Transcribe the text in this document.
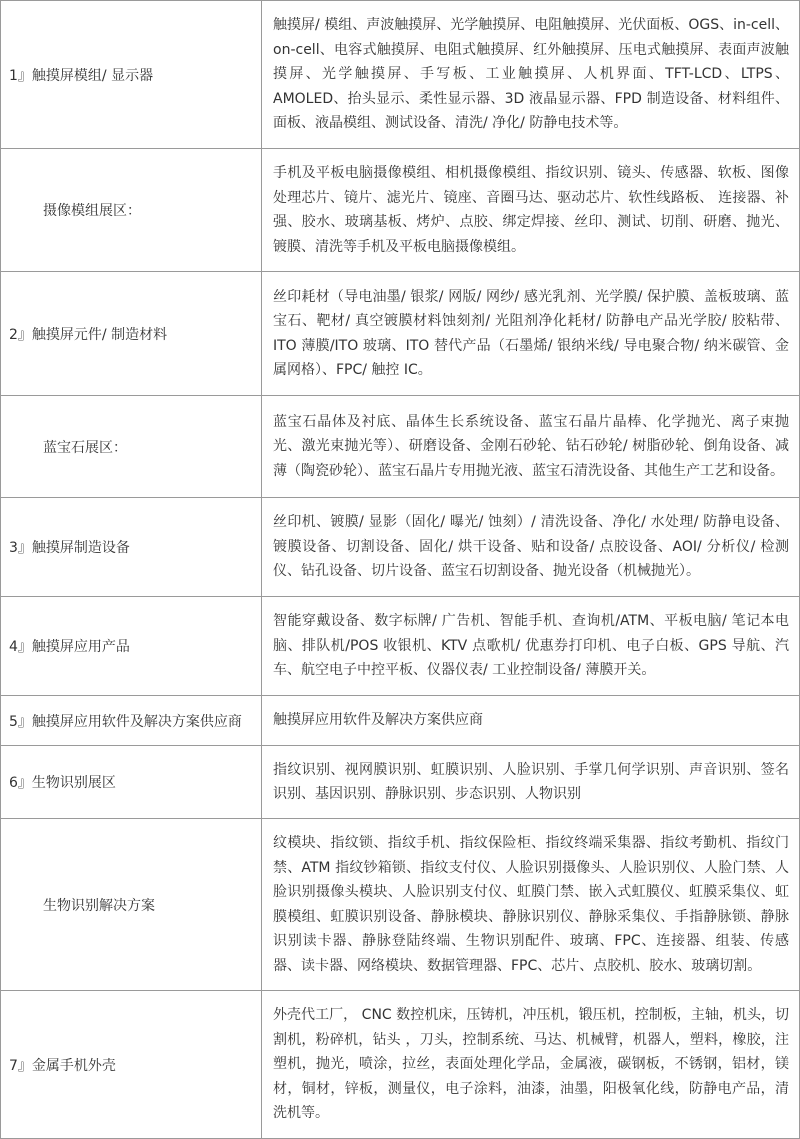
1』触摸屏模组/ 显示器	触摸屏/ 模组、声波触摸屏、光学触摸屏、电阻触摸屏、光伏面板、OGS、in-cell、on-cell、电容式触摸屏、电阻式触摸屏、红外触摸屏、压电式触摸屏、表面声波触摸屏、光学触摸屏、手写板、工业触摸屏、人机界面、TFT-LCD、LTPS、AMOLED、抬头显示、柔性显示器、3D 液晶显示器、FPD 制造设备、材料组件、面板、液晶模组、测试设备、清洗/ 净化/ 防静电技术等。
摄像模组展区：	手机及平板电脑摄像模组、相机摄像模组、指纹识别、镜头、传感器、软板、图像处理芯片、镜片、滤光片、镜座、音圈马达、驱动芯片、软性线路板、 连接器、补强、胶水、玻璃基板、烤炉、点胶、绑定焊接、丝印、测试、切削、研磨、抛光、镀膜、清洗等手机及平板电脑摄像模组。
2』触摸屏元件/ 制造材料	丝印耗材（导电油墨/ 银浆/ 网版/ 网纱/ 感光乳剂、光学膜/ 保护膜、盖板玻璃、蓝宝石、靶材/ 真空镀膜材料蚀刻剂/ 光阻剂净化耗材/ 防静电产品光学胶/ 胶粘带、ITO 薄膜/ITO 玻璃、ITO 替代产品（石墨烯/ 银纳米线/ 导电聚合物/ 纳米碳管、金属网格）、FPC/ 触控 IC。
蓝宝石展区：	蓝宝石晶体及衬底、晶体生长系统设备、蓝宝石晶片晶棒、化学抛光、离子束抛光、激光束抛光等）、研磨设备、金刚石砂轮、钻石砂轮/ 树脂砂轮、倒角设备、减薄（陶瓷砂轮）、蓝宝石晶片专用抛光液、蓝宝石清洗设备、其他生产工艺和设备。
3』触摸屏制造设备	丝印机、镀膜/ 显影（固化/ 曝光/ 蚀刻）/ 清洗设备、净化/ 水处理/ 防静电设备、镀膜设备、切割设备、固化/ 烘干设备、贴和设备/ 点胶设备、AOI/ 分析仪/ 检测仪、钻孔设备、切片设备、蓝宝石切割设备、抛光设备（机械抛光）。
4』触摸屏应用产品	智能穿戴设备、数字标牌/ 广告机、智能手机、查询机/ATM、平板电脑/ 笔记本电脑、排队机/POS 收银机、KTV 点歌机/ 优惠券打印机、电子白板、GPS 导航、汽车、航空电子中控平板、仪器仪表/ 工业控制设备/ 薄膜开关。
5』触摸屏应用软件及解决方案供应商	触摸屏应用软件及解决方案供应商
6』生物识别展区	指纹识别、视网膜识别、虹膜识别、人脸识别、手掌几何学识别、声音识别、签名识别、基因识别、静脉识别、步态识别、人物识别
生物识别解决方案	纹模块、指纹锁、指纹手机、指纹保险柜、指纹终端采集器、指纹考勤机、指纹门禁、ATM 指纹钞箱锁、指纹支付仪、人脸识别摄像头、人脸识别仪、人脸门禁、人脸识别摄像头模块、人脸识别支付仪、虹膜门禁、嵌入式虹膜仪、虹膜采集仪、虹膜模组、虹膜识别设备、静脉模块、静脉识别仪、静脉采集仪、手指静脉锁、静脉识别读卡器、静脉登陆终端、生物识别配件、玻璃、FPC、连接器、组装、传感器、读卡器、网络模块、数据管理器、FPC、芯片、点胶机、胶水、玻璃切割。
7』金属手机外壳	外壳代工厂， CNC 数控机床，压铸机，冲压机，锻压机，控制板，主轴，机头，切割机，粉碎机，钻头 ，刀头，控制系统、马达、机械臂，机器人，塑料，橡胶，注塑机，抛光，喷涂，拉丝，表面处理化学品，金属液，碳钢板，不锈钢，铝材，镁材，铜材，锌板，测量仪，电子涂料，油漆，油墨，阳极氧化线，防静电产品，清洗机等。
